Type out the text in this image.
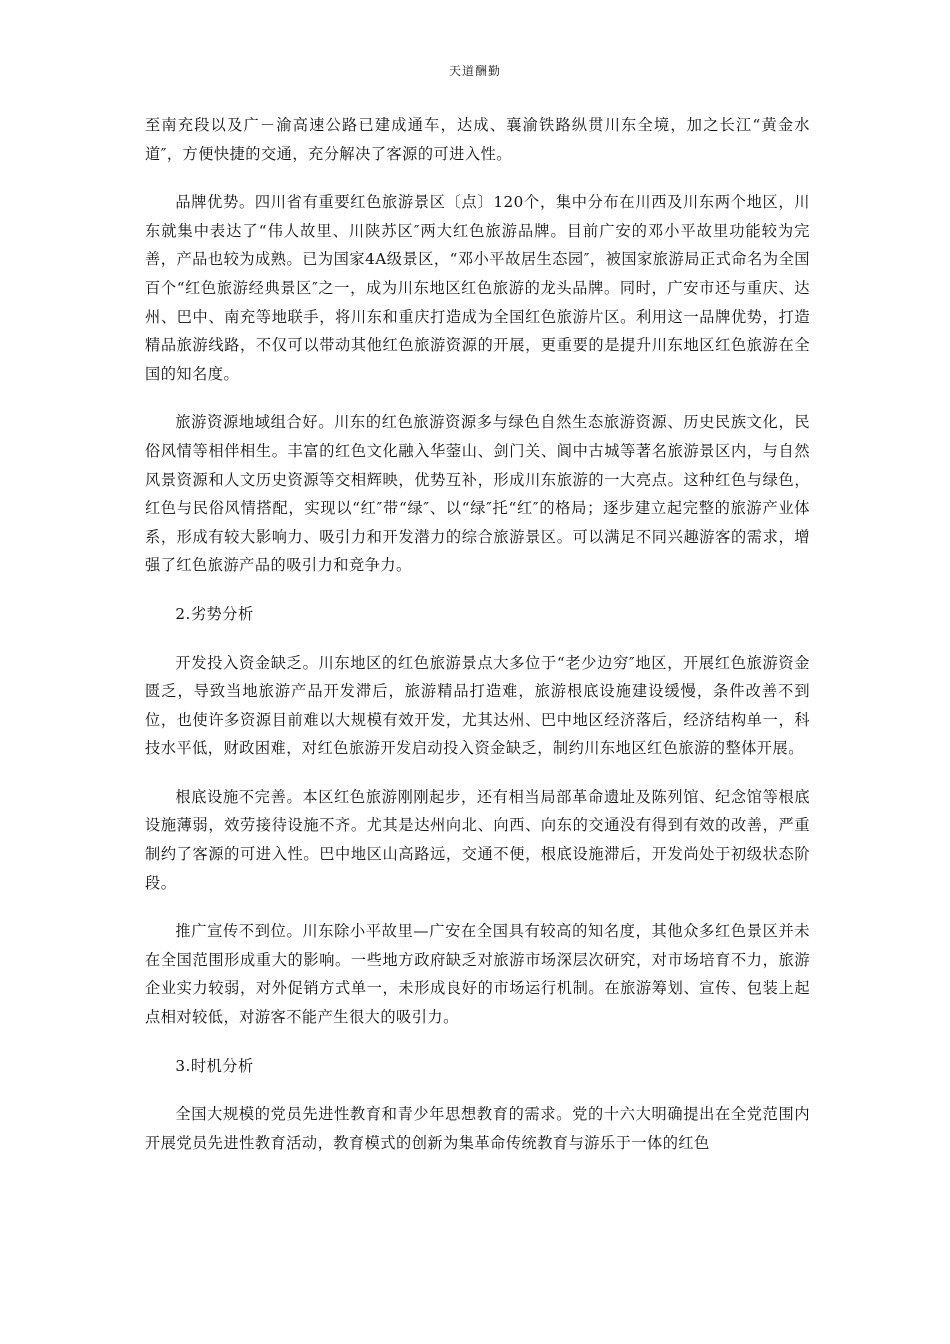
天道酬勤

至南充段以及广－渝高速公路已建成通车，达成、襄渝铁路纵贯川东全境，加之长江“黄金水道″，方便快捷的交通，充分解决了客源的可进入性。

品牌优势。四川省有重要红色旅游景区〔点〕120个，集中分布在川西及川东两个地区，川东就集中表达了“伟人故里、川陕苏区″两大红色旅游品牌。目前广安的邓小平故里功能较为完善，产品也较为成熟。已为国家4A级景区，“邓小平故居生态园″，被国家旅游局正式命名为全国百个“红色旅游经典景区″之一，成为川东地区红色旅游的龙头品牌。同时，广安市还与重庆、达州、巴中、南充等地联手，将川东和重庆打造成为全国红色旅游片区。利用这一品牌优势，打造精品旅游线路，不仅可以带动其他红色旅游资源的开展，更重要的是提升川东地区红色旅游在全国的知名度。

旅游资源地域组合好。川东的红色旅游资源多与绿色自然生态旅游资源、历史民族文化，民俗风情等相伴相生。丰富的红色文化融入华蓥山、剑门关、阆中古城等著名旅游景区内，与自然风景资源和人文历史资源等交相辉映，优势互补，形成川东旅游的一大亮点。这种红色与绿色，红色与民俗风情搭配，实现以“红″带“绿″、以“绿″托“红″的格局；逐步建立起完整的旅游产业体系，形成有较大影响力、吸引力和开发潜力的综合旅游景区。可以满足不同兴趣游客的需求，增强了红色旅游产品的吸引力和竞争力。

2.劣势分析

开发投入资金缺乏。川东地区的红色旅游景点大多位于“老少边穷″地区，开展红色旅游资金匮乏，导致当地旅游产品开发滞后，旅游精品打造难，旅游根底设施建设缓慢，条件改善不到位，也使许多资源目前难以大规模有效开发，尤其达州、巴中地区经济落后，经济结构单一，科技水平低，财政困难，对红色旅游开发启动投入资金缺乏，制约川东地区红色旅游的整体开展。

根底设施不完善。本区红色旅游刚刚起步，还有相当局部革命遗址及陈列馆、纪念馆等根底设施薄弱，效劳接待设施不齐。尤其是达州向北、向西、向东的交通没有得到有效的改善，严重制约了客源的可进入性。巴中地区山高路远，交通不便，根底设施滞后，开发尚处于初级状态阶段。

推广宣传不到位。川东除小平故里—广安在全国具有较高的知名度，其他众多红色景区并未在全国范围形成重大的影响。一些地方政府缺乏对旅游市场深层次研究，对市场培育不力，旅游企业实力较弱，对外促销方式单一，未形成良好的市场运行机制。在旅游筹划、宣传、包装上起点相对较低，对游客不能产生很大的吸引力。

3.时机分析

全国大规模的党员先进性教育和青少年思想教育的需求。党的十六大明确提出在全党范围内开展党员先进性教育活动，教育模式的创新为集革命传统教育与游乐于一体的红色
